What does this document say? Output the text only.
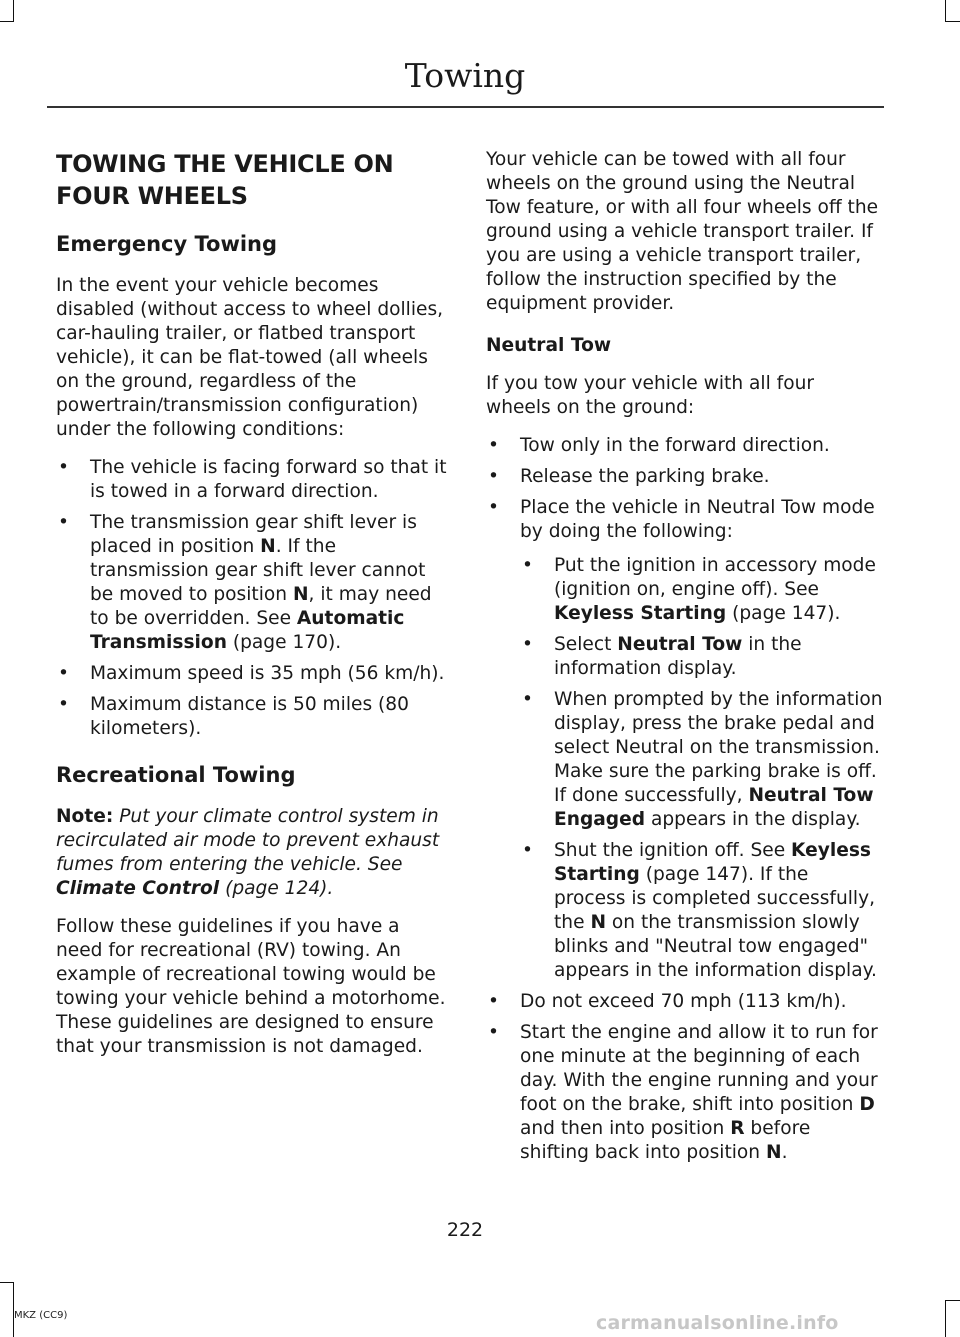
Towing
TOWING THE VEHICLE ON FOUR WHEELS
Emergency Towing

In the event your vehicle becomes disabled (without access to wheel dollies, car-hauling trailer, or flatbed transport vehicle), it can be flat-towed (all wheels on the ground, regardless of the powertrain/transmission configuration) under the following conditions:

• The vehicle is facing forward so that it is towed in a forward direction.
• The transmission gear shift lever is placed in position N. If the transmission gear shift lever cannot be moved to position N, it may need to be overridden. See Automatic Transmission (page 170).
• Maximum speed is 35 mph (56 km/h).
• Maximum distance is 50 miles (80 kilometers).
Recreational Towing

Note: Put your climate control system in recirculated air mode to prevent exhaust fumes from entering the vehicle. See Climate Control (page 124).

Follow these guidelines if you have a need for recreational (RV) towing. An example of recreational towing would be towing your vehicle behind a motorhome. These guidelines are designed to ensure that your transmission is not damaged.

Your vehicle can be towed with all four wheels on the ground using the Neutral Tow feature, or with all four wheels off the ground using a vehicle transport trailer. If you are using a vehicle transport trailer, follow the instruction specified by the equipment provider.

Neutral Tow

If you tow your vehicle with all four wheels on the ground:

• Tow only in the forward direction.
• Release the parking brake.
• Place the vehicle in Neutral Tow mode by doing the following:
• Put the ignition in accessory mode (ignition on, engine off). See Keyless Starting (page 147).
• Select Neutral Tow in the information display.
• When prompted by the information display, press the brake pedal and select Neutral on the transmission. Make sure the parking brake is off. If done successfully, Neutral Tow Engaged appears in the display.
• Shut the ignition off. See Keyless Starting (page 147). If the process is completed successfully, the N on the transmission slowly blinks and "Neutral tow engaged" appears in the information display.
• Do not exceed 70 mph (113 km/h).
• Start the engine and allow it to run for one minute at the beginning of each day. With the engine running and your foot on the brake, shift into position D and then into position R before shifting back into position N.
222
MKZ (CC9)	carmanualsonline.info
